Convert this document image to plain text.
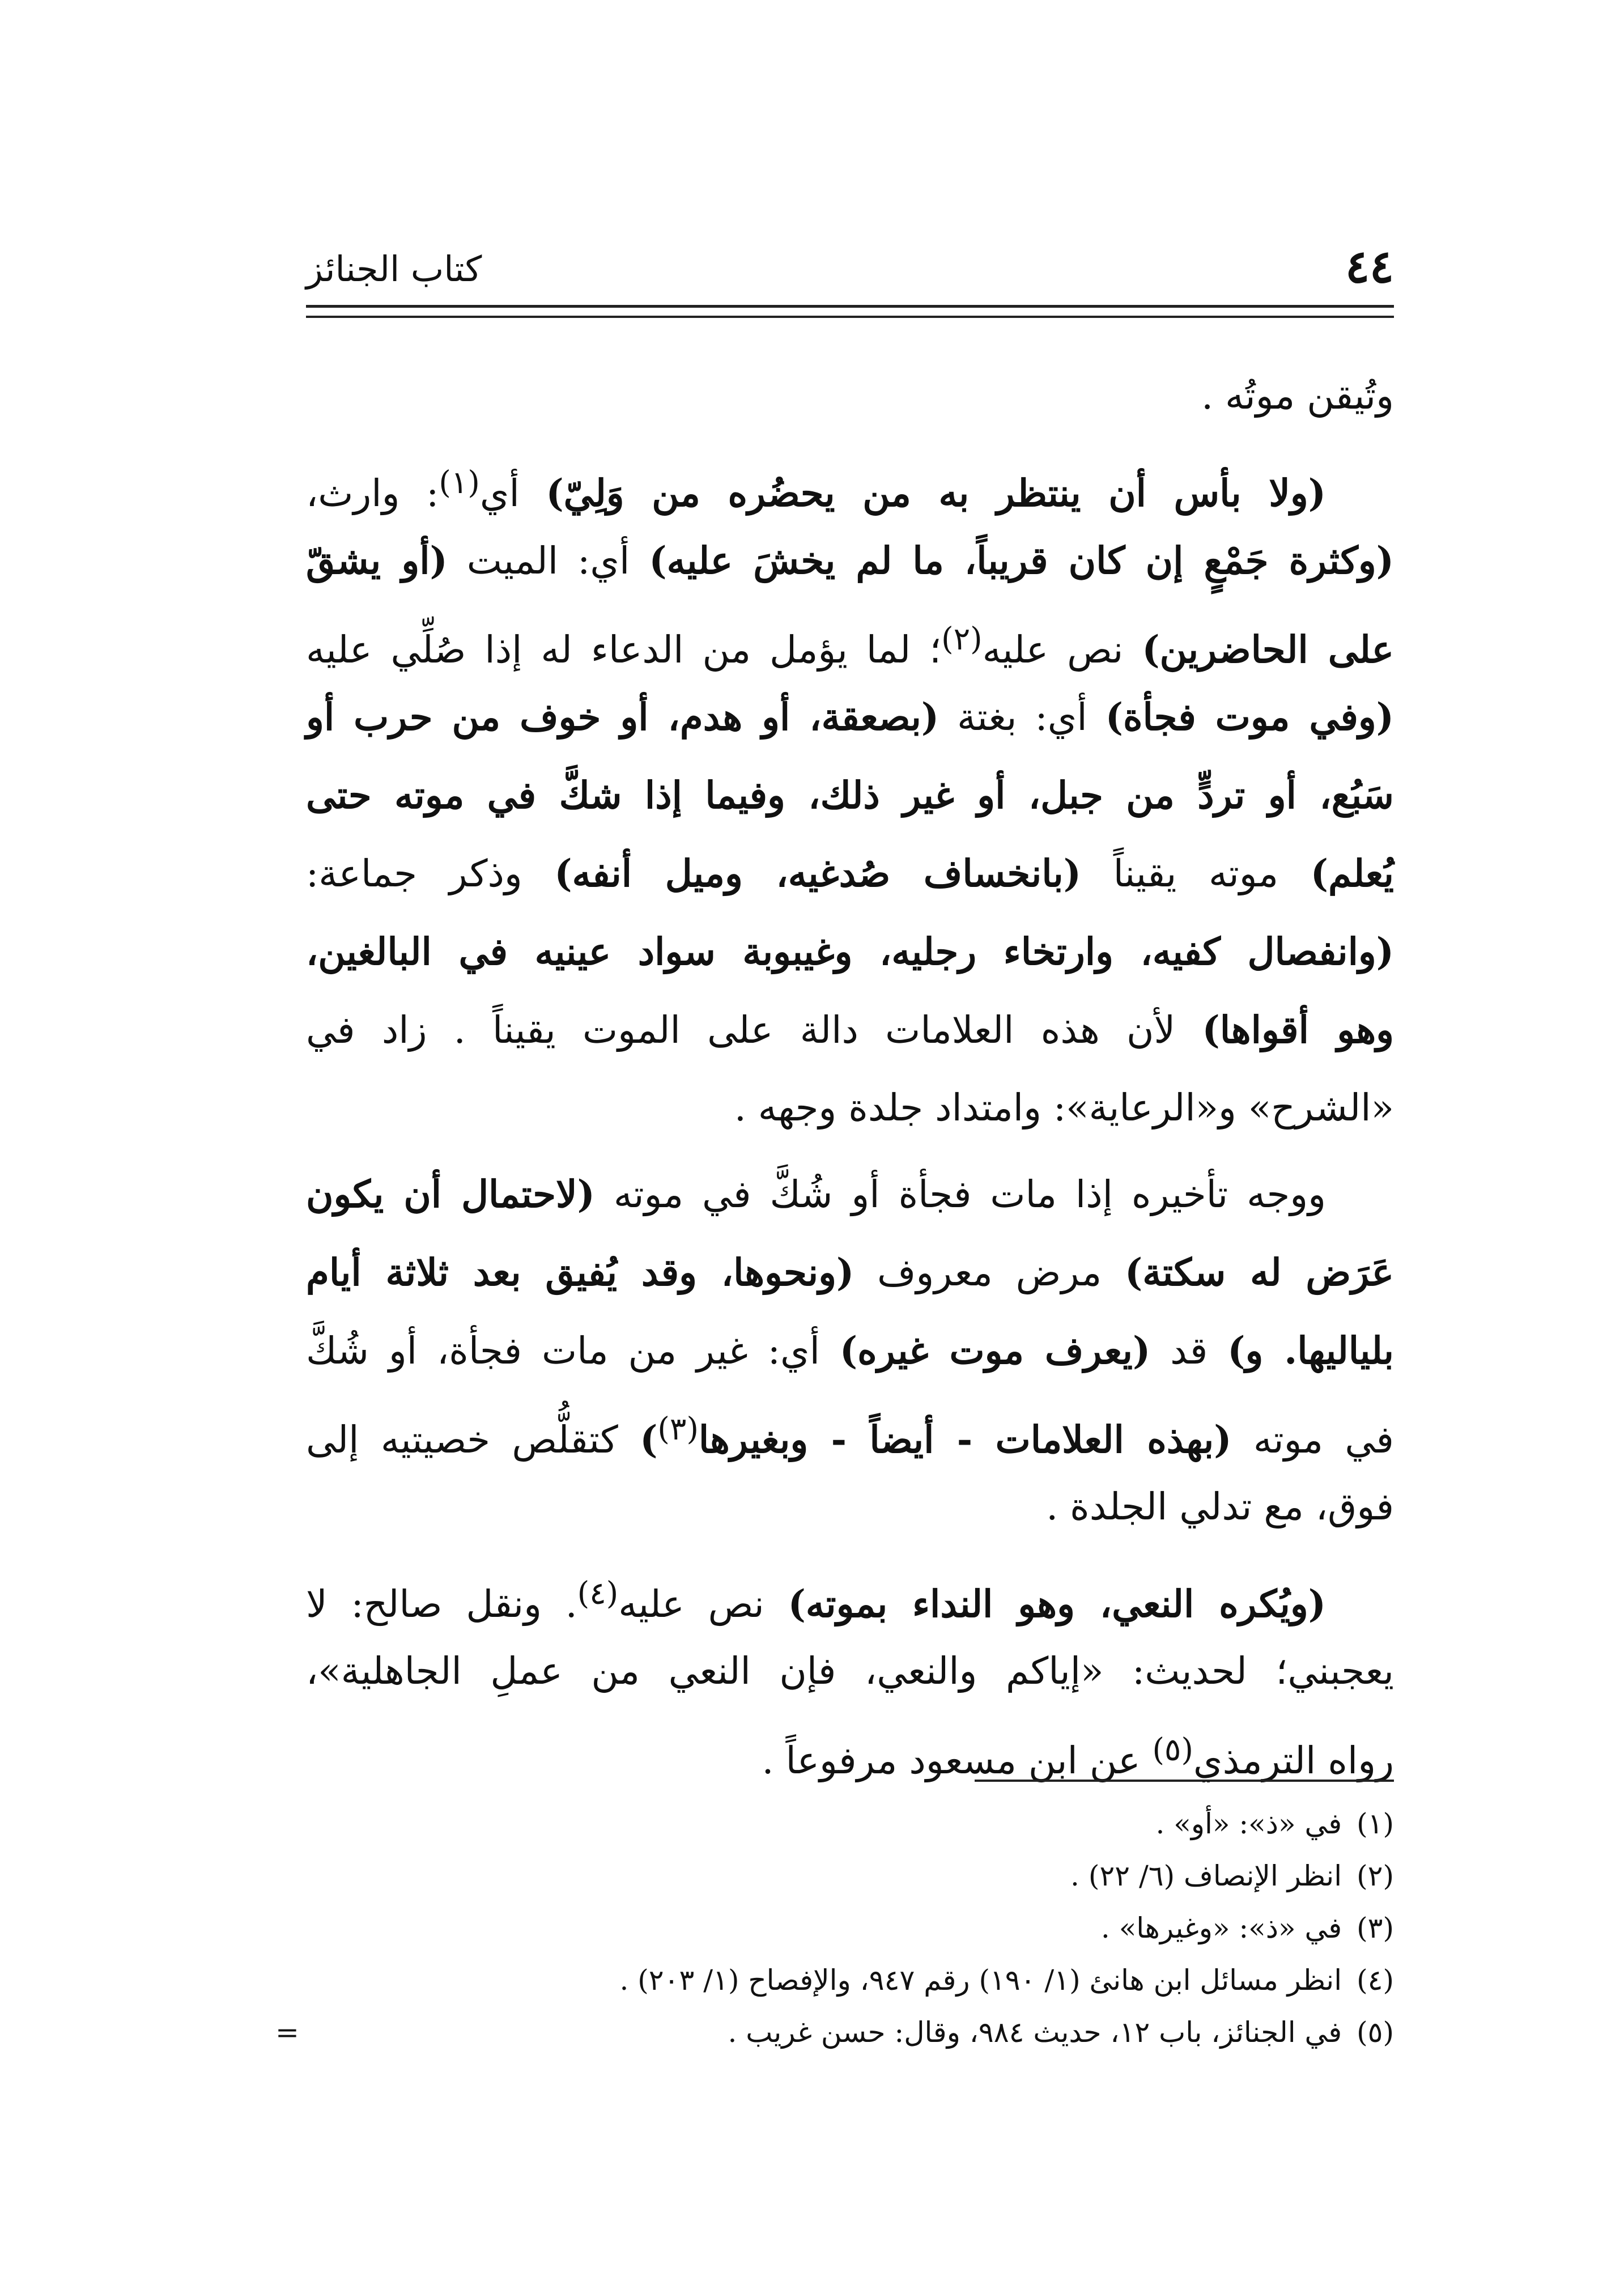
٤٤
كتاب الجنائز
وتُيقن موتُه .
(ولا بأس أن ينتظر به من يحضُره من وَلِيّ) أي$^{(١)}$: وارث،
(وكثرة جَمْعٍ إن كان قريباً، ما لم يخشَ عليه) أي: الميت (أو يشقّ
على الحاضرين) نص عليه$^{(٢)}$؛ لما يؤمل من الدعاء له إذا صُلِّي عليه
(وفي موت فجأة) أي: بغتة (بصعقة، أو هدم، أو خوف من حرب أو
سَبُع، أو تردٍّ من جبل، أو غير ذلك، وفيما إذا شكَّ في موته حتى
يُعلم) موته يقيناً (بانخساف صُدغيه، وميل أنفه) وذكر جماعة:
(وانفصال كفيه، وارتخاء رجليه، وغيبوبة سواد عينيه في البالغين،
وهو أقواها) لأن هذه العلامات دالة على الموت يقيناً . زاد في
«الشرح» و«الرعاية»: وامتداد جلدة وجهه .
ووجه تأخيره إذا مات فجأة أو شُكَّ في موته (لاحتمال أن يكون
عَرَض له سكتة) مرض معروف (ونحوها، وقد يُفيق بعد ثلاثة أيام
بلياليها. و) قد (يعرف موت غيره) أي: غير من مات فجأة، أو شُكَّ
في موته (بهذه العلامات - أيضاً - وبغيرها$^{(٣)}$) كتقلُّص خصيتيه إلى
فوق، مع تدلي الجلدة .
(ويُكره النعي، وهو النداء بموته) نص عليه$^{(٤)}$. ونقل صالح: لا
يعجبني؛ لحديث: «إياكم والنعي، فإن النعي من عملِ الجاهلية»،
رواه الترمذي$^{(٥)}$ عن ابن مسعود مرفوعاً .
(١)في «ذ»: «أو» .
(٢)انظر الإنصاف (٦/ ٢٢) .
(٣)في «ذ»: «وغيرها» .
(٤)انظر مسائل ابن هانئ (١/ ١٩٠) رقم ٩٤٧، والإفصاح (١/ ٢٠٣) .
(٥)في الجنائز، باب ١٢، حديث ٩٨٤، وقال: حسن غريب .
=
